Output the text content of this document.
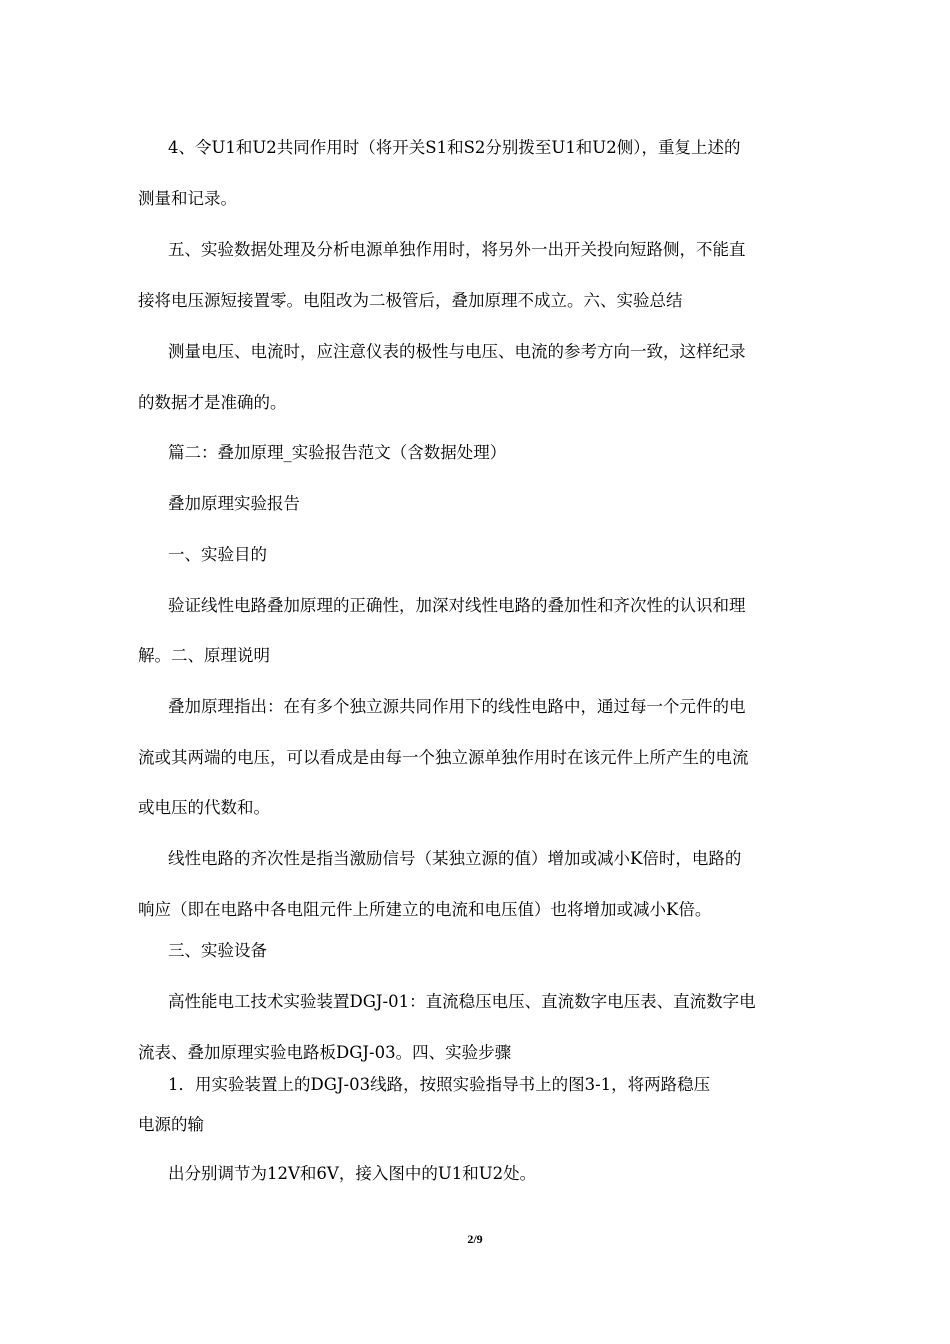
4、令U1和U2共同作用时（将开关S1和S2分别拨至U1和U2侧），重复上述的

测量和记录。

五、实验数据处理及分析电源单独作用时，将另外一出开关投向短路侧，不能直

接将电压源短接置零。电阻改为二极管后，叠加原理不成立。六、实验总结

测量电压、电流时，应注意仪表的极性与电压、电流的参考方向一致，这样纪录

的数据才是准确的。

篇二：叠加原理_实验报告范文（含数据处理）

叠加原理实验报告

一、实验目的

验证线性电路叠加原理的正确性，加深对线性电路的叠加性和齐次性的认识和理

解。二、原理说明

叠加原理指出：在有多个独立源共同作用下的线性电路中，通过每一个元件的电

流或其两端的电压，可以看成是由每一个独立源单独作用时在该元件上所产生的电流

或电压的代数和。

线性电路的齐次性是指当激励信号（某独立源的值）增加或减小K倍时，电路的

响应（即在电路中各电阻元件上所建立的电流和电压值）也将增加或减小K倍。

三、实验设备

高性能电工技术实验装置DGJ-01：直流稳压电压、直流数字电压表、直流数字电

流表、叠加原理实验电路板DGJ-03。四、实验步骤

1．用实验装置上的DGJ-03线路，按照实验指导书上的图3-1，将两路稳压

电源的输

出分别调节为12V和6V，接入图中的U1和U2处。

2/9
